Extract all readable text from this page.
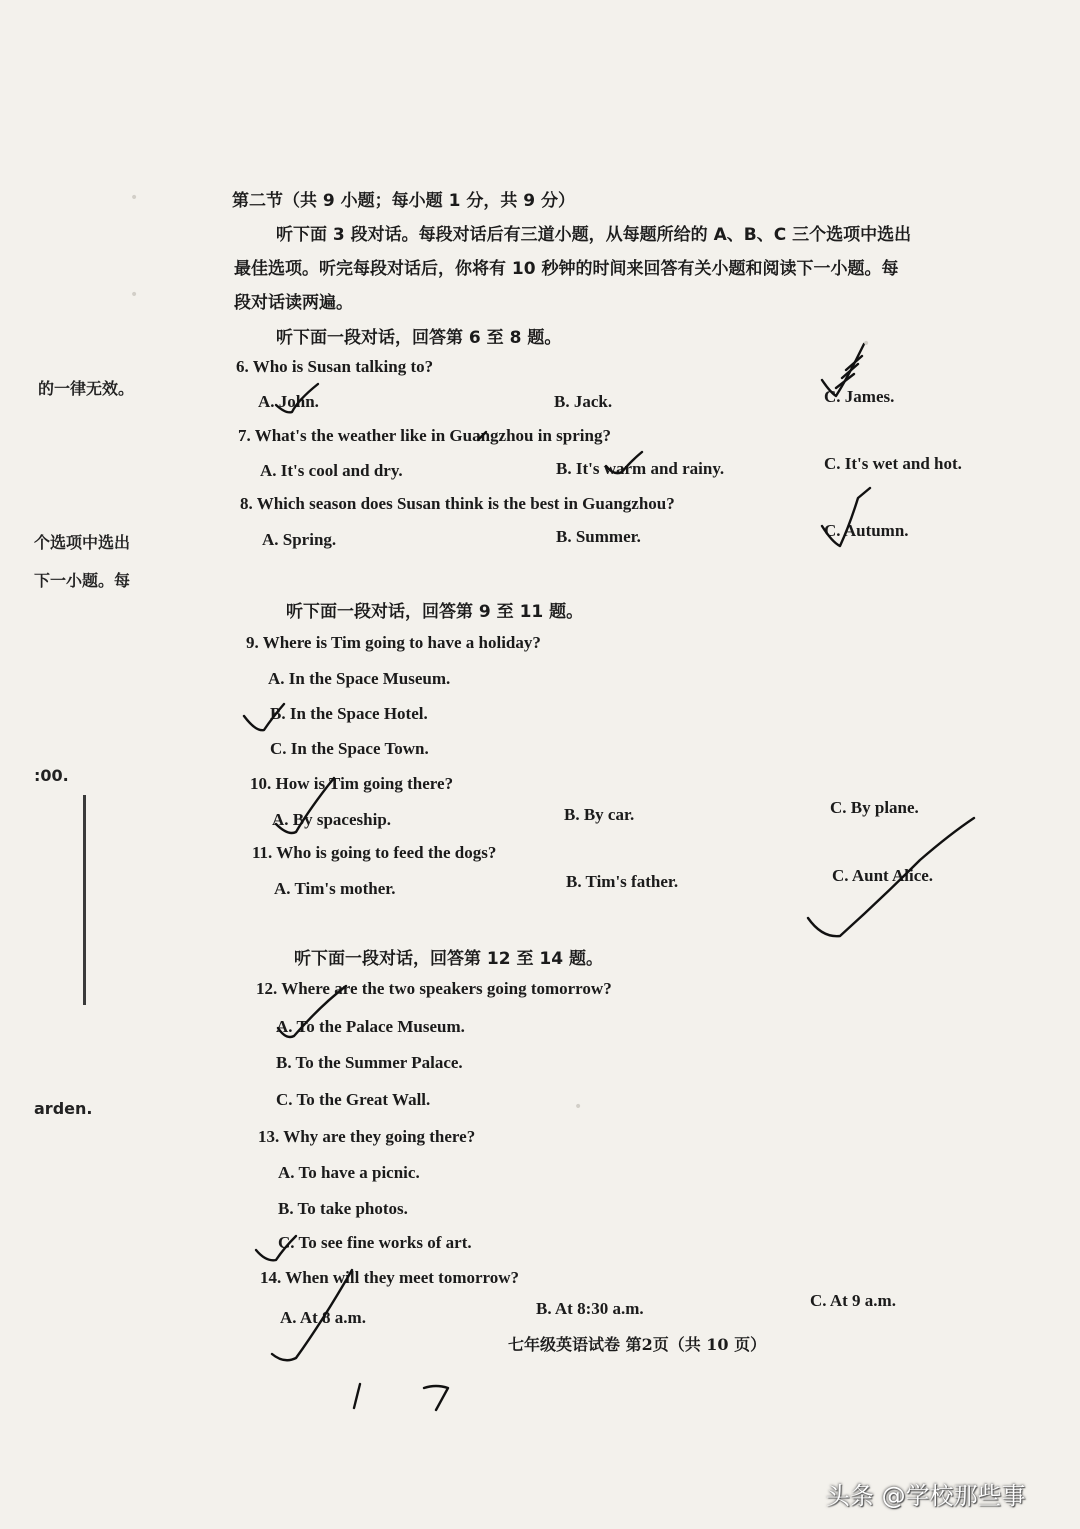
的一律无效。
个选项中选出
下一小题。每
:00.
arden.
第二节（共 9 小题；每小题 1 分，共 9 分）
听下面 3 段对话。每段对话后有三道小题，从每题所给的 A、B、C 三个选项中选出
最佳选项。听完每段对话后，你将有 10 秒钟的时间来回答有关小题和阅读下一小题。每
段对话读两遍。
听下面一段对话，回答第 6 至 8 题。
6. Who is Susan talking to?
A. John.	B. Jack.	C. James.
7. What's the weather like in Guangzhou in spring?
A. It's cool and dry.	B. It's warm and rainy.	C. It's wet and hot.
8. Which season does Susan think is the best in Guangzhou?
A. Spring.	B. Summer.	C. Autumn.
听下面一段对话，回答第 9 至 11 题。
9. Where is Tim going to have a holiday?
A. In the Space Museum.
B. In the Space Hotel.
C. In the Space Town.
10. How is Tim going there?
A. By spaceship.	B. By car.	C. By plane.
11. Who is going to feed the dogs?
A. Tim's mother.	B. Tim's father.	C. Aunt Alice.
听下面一段对话，回答第 12 至 14 题。
12. Where are the two speakers going tomorrow?
A. To the Palace Museum.
B. To the Summer Palace.
C. To the Great Wall.
13. Why are they going there?
A. To have a picnic.
B. To take photos.
C. To see fine works of art.
14. When will they meet tomorrow?
A. At 8 a.m.	B. At 8:30 a.m.	C. At 9 a.m.
七年级英语试卷 第2页（共 10 页）
头条 @学校那些事
•
•
•
•
